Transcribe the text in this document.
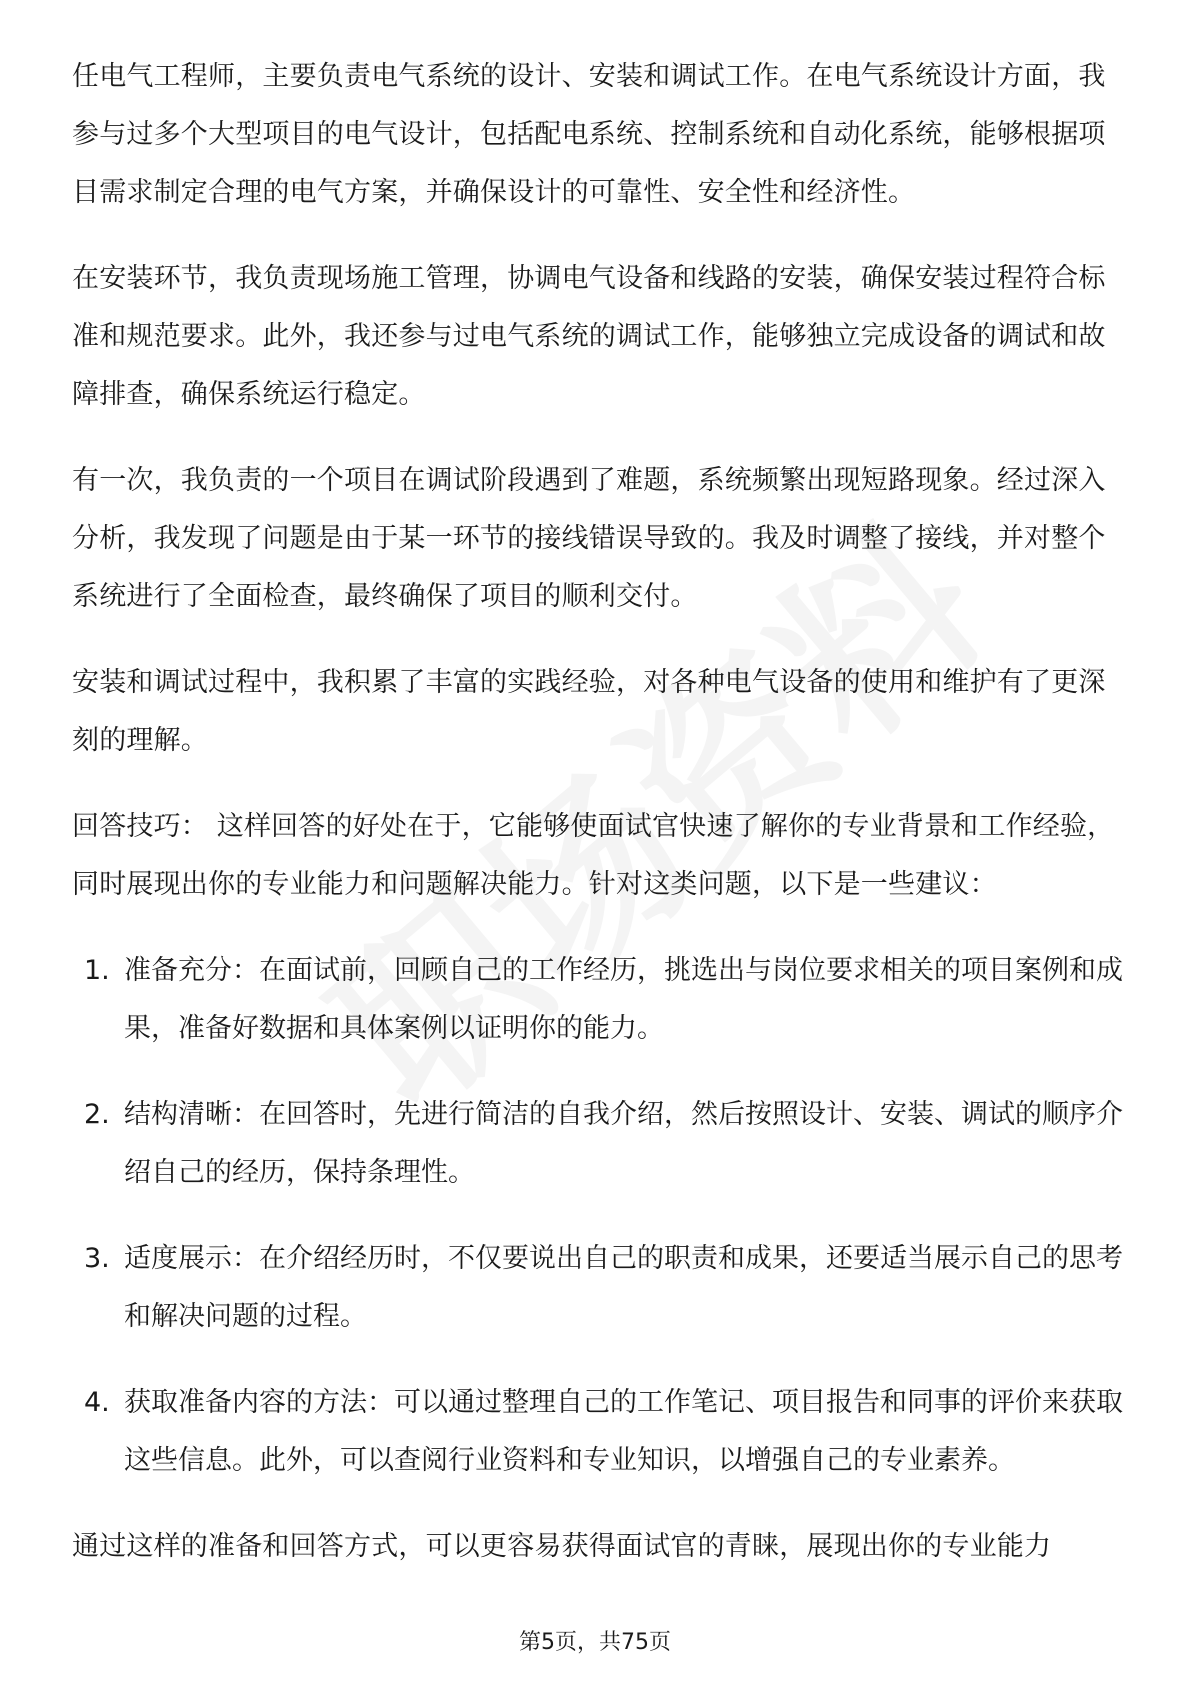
任电气工程师，主要负责电气系统的设计、安装和调试工作。在电气系统设计方面，我参与过多个大型项目的电气设计，包括配电系统、控制系统和自动化系统，能够根据项目需求制定合理的电气方案，并确保设计的可靠性、安全性和经济性。

在安装环节，我负责现场施工管理，协调电气设备和线路的安装，确保安装过程符合标准和规范要求。此外，我还参与过电气系统的调试工作，能够独立完成设备的调试和故障排查，确保系统运行稳定。

有一次，我负责的一个项目在调试阶段遇到了难题，系统频繁出现短路现象。经过深入分析，我发现了问题是由于某一环节的接线错误导致的。我及时调整了接线，并对整个系统进行了全面检查，最终确保了项目的顺利交付。

安装和调试过程中，我积累了丰富的实践经验，对各种电气设备的使用和维护有了更深刻的理解。

回答技巧： 这样回答的好处在于，它能够使面试官快速了解你的专业背景和工作经验，同时展现出你的专业能力和问题解决能力。针对这类问题，以下是一些建议：

1. 准备充分：在面试前，回顾自己的工作经历，挑选出与岗位要求相关的项目案例和成果，准备好数据和具体案例以证明你的能力。
2. 结构清晰：在回答时，先进行简洁的自我介绍，然后按照设计、安装、调试的顺序介绍自己的经历，保持条理性。
3. 适度展示：在介绍经历时，不仅要说出自己的职责和成果，还要适当展示自己的思考和解决问题的过程。
4. 获取准备内容的方法：可以通过整理自己的工作笔记、项目报告和同事的评价来获取这些信息。此外，可以查阅行业资料和专业知识，以增强自己的专业素养。

通过这样的准备和回答方式，可以更容易获得面试官的青睐，展现出你的专业能力

第5页，共75页
